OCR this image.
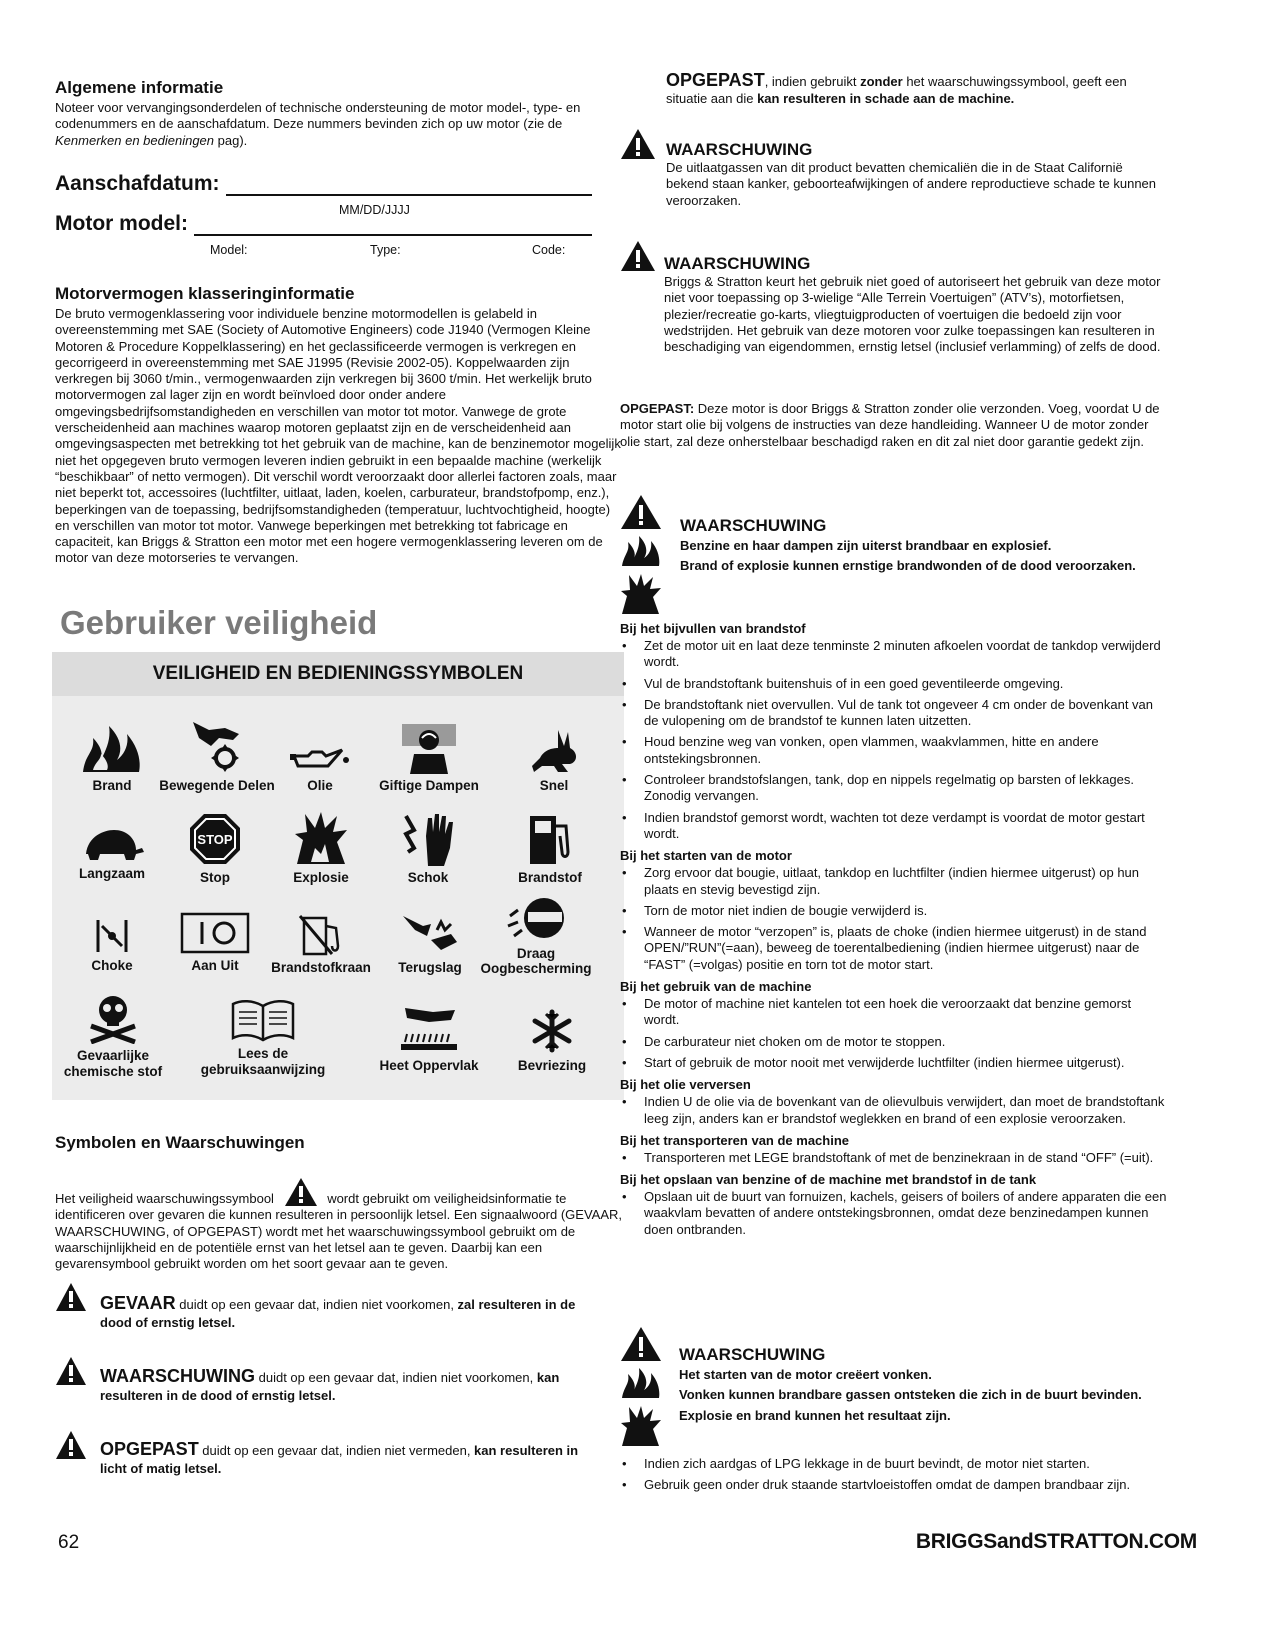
Algemene informatie

Noteer voor vervangingsonderdelen of technische ondersteuning de motor model-, type- en codenummers en de aanschafdatum. Deze nummers bevinden zich op uw motor (zie de Kenmerken en bedieningen pag).

Aanschafdatum:
MM/DD/JJJJ
Motor model:
Model:	Type:	Code:
Motorvermogen klasseringinformatie

De bruto vermogenklassering voor individuele benzine motormodellen is gelabeld in overeenstemming met SAE (Society of Automotive Engineers) code J1940 (Vermogen Kleine Motoren & Procedure Koppelklassering) en het geclassificeerde vermogen is verkregen en gecorrigeerd in overeenstemming met SAE J1995 (Revisie 2002-05). Koppelwaarden zijn verkregen bij 3060 t/min., vermogenwaarden zijn verkregen bij 3600 t/min. Het werkelijk bruto motorvermogen zal lager zijn en wordt beïnvloed door onder andere omgevingsbedrijfsomstandigheden en verschillen van motor tot motor. Vanwege de grote verscheidenheid aan machines waarop motoren geplaatst zijn en de verscheidenheid aan omgevingsaspecten met betrekking tot het gebruik van de machine, kan de benzinemotor mogelijk niet het opgegeven bruto vermogen leveren indien gebruikt in een bepaalde machine (werkelijk “beschikbaar” of netto vermogen). Dit verschil wordt veroorzaakt door allerlei factoren zoals, maar niet beperkt tot, accessoires (luchtfilter, uitlaat, laden, koelen, carburateur, brandstofpomp, enz.), beperkingen van de toepassing, bedrijfsomstandigheden (temperatuur, luchtvochtigheid, hoogte) en verschillen van motor tot motor. Vanwege beperkingen met betrekking tot fabricage en capaciteit, kan Briggs & Stratton een motor met een hogere vermogenklassering leveren om de motor van deze motorseries te vervangen.

Gebruiker veiligheid
VEILIGHEID EN BEDIENINGSSYMBOLEN
Brand	Bewegende Delen	Olie	Giftige Dampen	Snel
Langzaam
STOP
Stop	Explosie	Schok	Brandstof
Choke	Aan Uit	Brandstofkraan	Terugslag
Draag
Oogbescherming
Gevaarlijke
chemische stof
Lees de
gebruiksaanwijzing	Heet Oppervlak	Bevriezing
Symbolen en Waarschuwingen

Het veiligheid waarschuwingssymbool	wordt gebruikt om veiligheidsinformatie te identificeren over gevaren die kunnen resulteren in persoonlijk letsel. Een signaalwoord (GEVAAR, WAARSCHUWING, of OPGEPAST) wordt met het waarschuwingssymbool gebruikt om de waarschijnlijkheid en de potentiële ernst van het letsel aan te geven. Daarbij kan een gevarensymbool gebruikt worden om het soort gevaar aan te geven.

GEVAAR duidt op een gevaar dat, indien niet voorkomen, zal resulteren in de dood of ernstig letsel.

WAARSCHUWING duidt op een gevaar dat, indien niet voorkomen, kan resulteren in de dood of ernstig letsel.

OPGEPAST duidt op een gevaar dat, indien niet vermeden, kan resulteren in licht of matig letsel.

OPGEPAST, indien gebruikt zonder het waarschuwingssymbool, geeft een situatie aan die kan resulteren in schade aan de machine.

WAARSCHUWING

De uitlaatgassen van dit product bevatten chemicaliën die in de Staat Californië bekend staan kanker, geboorteafwijkingen of andere reproductieve schade te kunnen veroorzaken.

WAARSCHUWING

Briggs & Stratton keurt het gebruik niet goed of autoriseert het gebruik van deze motor niet voor toepassing op 3-wielige “Alle Terrein Voertuigen” (ATV’s), motorfietsen, plezier/recreatie go-karts, vliegtuigproducten of voertuigen die bedoeld zijn voor wedstrijden. Het gebruik van deze motoren voor zulke toepassingen kan resulteren in beschadiging van eigendommen, ernstig letsel (inclusief verlamming) of zelfs de dood.

OPGEPAST: Deze motor is door Briggs & Stratton zonder olie verzonden. Voeg, voordat U de motor start olie bij volgens de instructies van deze handleiding. Wanneer U de motor zonder olie start, zal deze onherstelbaar beschadigd raken en dit zal niet door garantie gedekt zijn.

WAARSCHUWING

Benzine en haar dampen zijn uiterst brandbaar en explosief.

Brand of explosie kunnen ernstige brandwonden of de dood veroorzaken.

Bij het bijvullen van brandstof
• Zet de motor uit en laat deze tenminste 2 minuten afkoelen voordat de tankdop verwijderd wordt.
• Vul de brandstoftank buitenshuis of in een goed geventileerde omgeving.
• De brandstoftank niet overvullen. Vul de tank tot ongeveer 4 cm onder de bovenkant van de vulopening om de brandstof te kunnen laten uitzetten.
• Houd benzine weg van vonken, open vlammen, waakvlammen, hitte en andere ontstekingsbronnen.
• Controleer brandstofslangen, tank, dop en nippels regelmatig op barsten of lekkages. Zonodig vervangen.
• Indien brandstof gemorst wordt, wachten tot deze verdampt is voordat de motor gestart wordt.
Bij het starten van de motor
• Zorg ervoor dat bougie, uitlaat, tankdop en luchtfilter (indien hiermee uitgerust) op hun plaats en stevig bevestigd zijn.
• Torn de motor niet indien de bougie verwijderd is.
• Wanneer de motor “verzopen” is, plaats de choke (indien hiermee uitgerust) in de stand OPEN/”RUN”(=aan), beweeg de toerentalbediening (indien hiermee uitgerust) naar de “FAST” (=volgas) positie en torn tot de motor start.
Bij het gebruik van de machine
• De motor of machine niet kantelen tot een hoek die veroorzaakt dat benzine gemorst wordt.
• De carburateur niet choken om de motor te stoppen.
• Start of gebruik de motor nooit met verwijderde luchtfilter (indien hiermee uitgerust).
Bij het olie verversen
• Indien U de olie via de bovenkant van de olievulbuis verwijdert, dan moet de brandstoftank leeg zijn, anders kan er brandstof weglekken en brand of een explosie veroorzaken.
Bij het transporteren van de machine
• Transporteren met LEGE brandstoftank of met de benzinekraan in de stand “OFF” (=uit).
Bij het opslaan van benzine of de machine met brandstof in de tank
• Opslaan uit de buurt van fornuizen, kachels, geisers of boilers of andere apparaten die een waakvlam bevatten of andere ontstekingsbronnen, omdat deze benzinedampen kunnen doen ontbranden.
WAARSCHUWING

Het starten van de motor creëert vonken.

Vonken kunnen brandbare gassen ontsteken die zich in de buurt bevinden.

Explosie en brand kunnen het resultaat zijn.

• Indien zich aardgas of LPG lekkage in de buurt bevindt, de motor niet starten.
• Gebruik geen onder druk staande startvloeistoffen omdat de dampen brandbaar zijn.
62	BRIGGSandSTRATTON.COM
